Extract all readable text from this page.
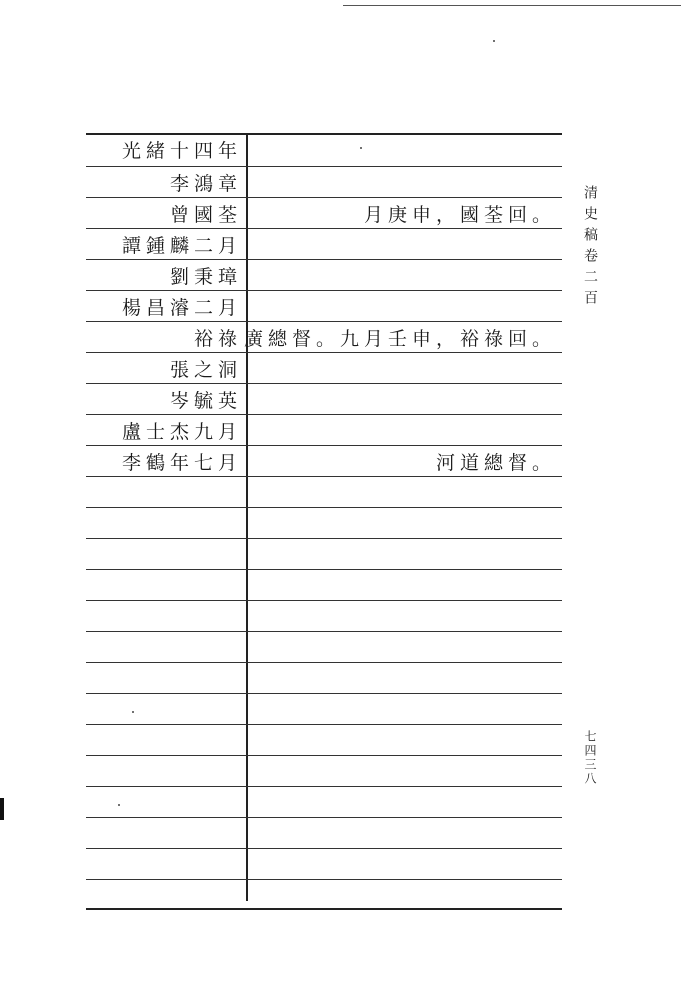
光緒十四年
李鴻章
曾國荃	月庚申，國荃回。
譚鍾麟二月
劉秉璋
楊昌濬二月
裕祿 廣總督。九月壬申，裕祿回。
張之洞
岑毓英
盧士杰九月
李鶴年七月	河道總督。
清史稿卷二百
七四三八
